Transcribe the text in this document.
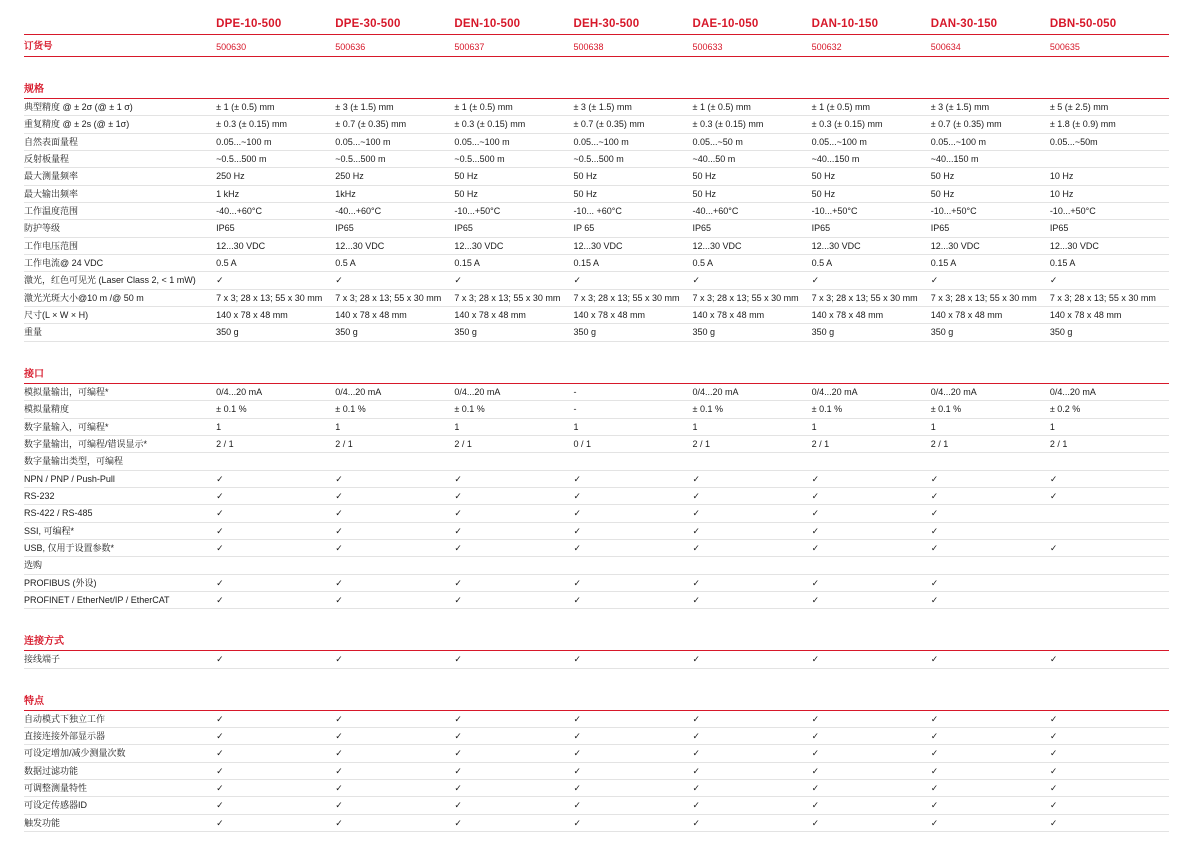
	DPE-10-500	DPE-30-500	DEN-10-500	DEH-30-500	DAE-10-050	DAN-10-150	DAN-30-150	DBN-50-050
订货号	500630	500636	500637	500638	500633	500632	500634	500635

规格								
典型精度 @ ± 2σ (@ ± 1 σ)	± 1 (± 0.5) mm	± 3 (± 1.5) mm	± 1 (± 0.5) mm	± 3 (± 1.5) mm	± 1 (± 0.5) mm	± 1 (± 0.5) mm	± 3 (± 1.5) mm	± 5 (± 2.5) mm
重复精度 @ ± 2s (@ ± 1σ)	± 0.3 (± 0.15) mm	± 0.7 (± 0.35) mm	± 0.3 (± 0.15) mm	± 0.7 (± 0.35) mm	± 0.3 (± 0.15) mm	± 0.3 (± 0.15) mm	± 0.7 (± 0.35) mm	± 1.8 (± 0.9) mm
自然表面量程	0.05...~100 m	0.05...~100 m	0.05...~100 m	0.05...~100 m	0.05...~50 m	0.05...~100 m	0.05...~100 m	0.05...~50m
反射板量程	~0.5...500 m	~0.5...500 m	~0.5...500 m	~0.5...500 m	~40...50 m	~40...150 m	~40...150 m	
最大测量频率	250 Hz	250 Hz	50 Hz	50 Hz	50 Hz	50 Hz	50 Hz	10 Hz
最大输出频率	1 kHz	1kHz	50 Hz	50 Hz	50 Hz	50 Hz	50 Hz	10 Hz
工作温度范围	-40...+60°C	-40...+60°C	-10...+50°C	-10... +60°C	-40...+60°C	-10...+50°C	-10...+50°C	-10...+50°C
防护等级	IP65	IP65	IP65	IP 65	IP65	IP65	IP65	IP65
工作电压范围	12...30 VDC	12...30 VDC	12...30 VDC	12...30 VDC	12...30 VDC	12...30 VDC	12...30 VDC	12...30 VDC
工作电流@ 24 VDC	0.5 A	0.5 A	0.15 A	0.15 A	0.5 A	0.5 A	0.15 A	0.15 A
激光，红色可见光 (Laser Class 2, < 1 mW)	✓	✓	✓	✓	✓	✓	✓	✓
激光光斑大小@10 m /@ 50 m	7 x 3; 28 x 13; 55 x 30 mm	7 x 3; 28 x 13; 55 x 30 mm	7 x 3; 28 x 13; 55 x 30 mm	7 x 3; 28 x 13; 55 x 30 mm	7 x 3; 28 x 13; 55 x 30 mm	7 x 3; 28 x 13; 55 x 30 mm	7 x 3; 28 x 13; 55 x 30 mm	7 x 3; 28 x 13; 55 x 30 mm
尺寸(L × W × H)	140 x 78 x 48 mm	140 x 78 x 48 mm	140 x 78 x 48 mm	140 x 78 x 48 mm	140 x 78 x 48 mm	140 x 78 x 48 mm	140 x 78 x 48 mm	140 x 78 x 48 mm
重量	350 g	350 g	350 g	350 g	350 g	350 g	350 g	350 g

接口								
模拟量输出，可编程*	0/4...20 mA	0/4...20 mA	0/4...20 mA	-	0/4...20 mA	0/4...20 mA	0/4...20 mA	0/4...20 mA
模拟量精度	± 0.1 %	± 0.1 %	± 0.1 %	-	± 0.1 %	± 0.1 %	± 0.1 %	± 0.2 %
数字量输入，可编程*	1	1	1	1	1	1	1	1
数字量输出，可编程/错误显示*	2 / 1	2 / 1	2 / 1	0 / 1	2 / 1	2 / 1	2 / 1	2 / 1
数字量输出类型，可编程								
NPN / PNP / Push-Pull	✓	✓	✓	✓	✓	✓	✓	✓
RS-232	✓	✓	✓	✓	✓	✓	✓	✓
RS-422 / RS-485	✓	✓	✓	✓	✓	✓	✓	
SSI, 可编程*	✓	✓	✓	✓	✓	✓	✓	
USB, 仅用于设置参数*	✓	✓	✓	✓	✓	✓	✓	✓
选购								
PROFIBUS (外设)	✓	✓	✓	✓	✓	✓	✓	
PROFINET / EtherNet/IP / EtherCAT	✓	✓	✓	✓	✓	✓	✓	

连接方式								
接线端子	✓	✓	✓	✓	✓	✓	✓	✓

特点								
自动模式下独立工作	✓	✓	✓	✓	✓	✓	✓	✓
直接连接外部显示器	✓	✓	✓	✓	✓	✓	✓	✓
可设定增加/减少测量次数	✓	✓	✓	✓	✓	✓	✓	✓
数据过滤功能	✓	✓	✓	✓	✓	✓	✓	✓
可调整测量特性	✓	✓	✓	✓	✓	✓	✓	✓
可设定传感器ID	✓	✓	✓	✓	✓	✓	✓	✓
触发功能	✓	✓	✓	✓	✓	✓	✓	✓
